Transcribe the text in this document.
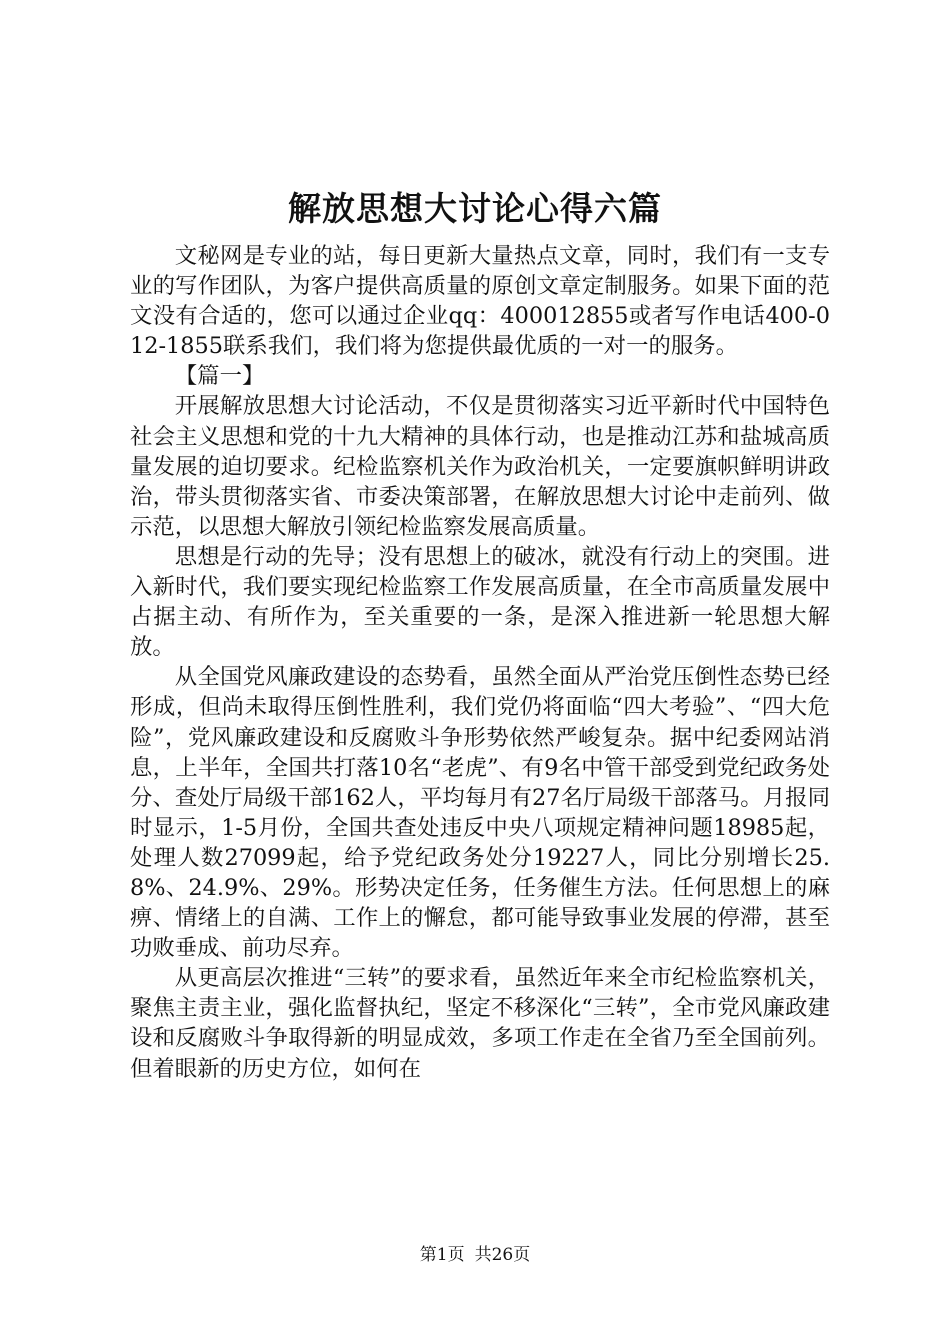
解放思想大讨论心得六篇

文秘网是专业的站，每日更新大量热点文章，同时，我们有一支专业的写作团队，为客户提供高质量的原创文章定制服务。如果下面的范文没有合适的，您可以通过企业qq：400012855或者写作电话400-012-1855联系我们，我们将为您提供最优质的一对一的服务。

【篇一】

开展解放思想大讨论活动，不仅是贯彻落实习近平新时代中国特色社会主义思想和党的十九大精神的具体行动，也是推动江苏和盐城高质量发展的迫切要求。纪检监察机关作为政治机关，一定要旗帜鲜明讲政治，带头贯彻落实省、市委决策部署，在解放思想大讨论中走前列、做示范，以思想大解放引领纪检监察发展高质量。

思想是行动的先导；没有思想上的破冰，就没有行动上的突围。进入新时代，我们要实现纪检监察工作发展高质量，在全市高质量发展中占据主动、有所作为，至关重要的一条，是深入推进新一轮思想大解放。

从全国党风廉政建设的态势看，虽然全面从严治党压倒性态势已经形成，但尚未取得压倒性胜利，我们党仍将面临“四大考验”、“四大危险”，党风廉政建设和反腐败斗争形势依然严峻复杂。据中纪委网站消息，上半年，全国共打落10名“老虎”、有9名中管干部受到党纪政务处分、查处厅局级干部162人，平均每月有27名厅局级干部落马。月报同时显示，1-5月份，全国共查处违反中央八项规定精神问题18985起，处理人数27099起，给予党纪政务处分19227人，同比分别增长25.8%、24.9%、29%。形势决定任务，任务催生方法。任何思想上的麻痹、情绪上的自满、工作上的懈怠，都可能导致事业发展的停滞，甚至功败垂成、前功尽弃。

从更高层次推进“三转”的要求看，虽然近年来全市纪检监察机关，聚焦主责主业，强化监督执纪，坚定不移深化“三转”，全市党风廉政建设和反腐败斗争取得新的明显成效，多项工作走在全省乃至全国前列。但着眼新的历史方位，如何在

第1页 共26页
